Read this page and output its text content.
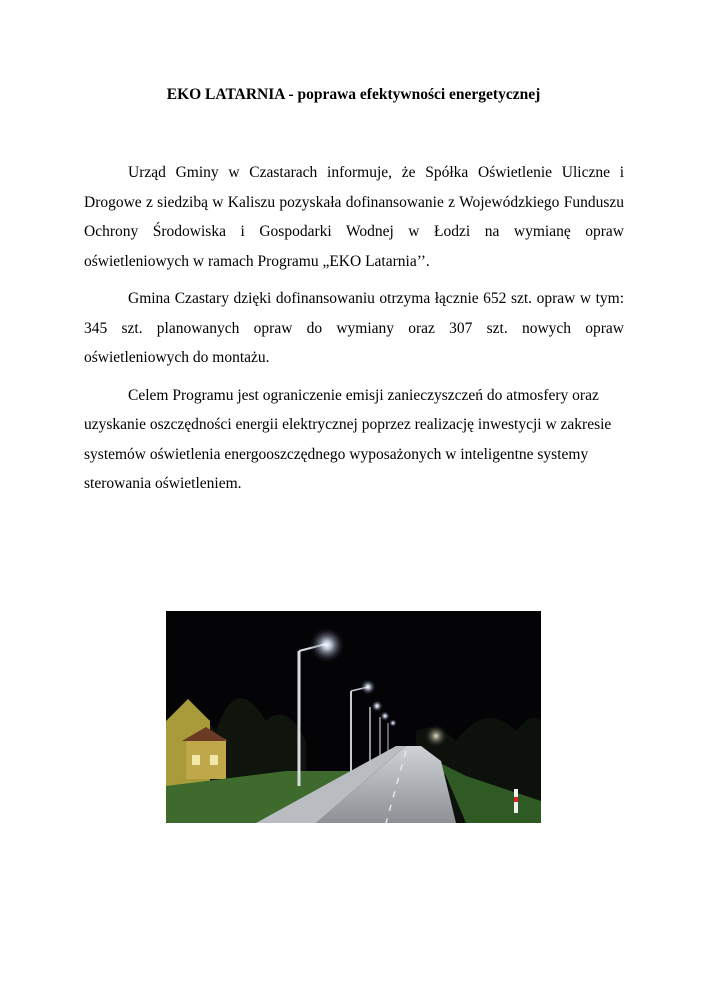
EKO LATARNIA - poprawa efektywności energetycznej

Urząd Gminy w Czastarach informuje, że Spółka Oświetlenie Uliczne i Drogowe z siedzibą w Kaliszu pozyskała dofinansowanie z Wojewódzkiego Funduszu Ochrony Środowiska i Gospodarki Wodnej w Łodzi na wymianę opraw oświetleniowych w ramach Programu „EKO Latarnia’’.

Gmina Czastary dzięki dofinansowaniu otrzyma łącznie 652 szt. opraw w tym: 345 szt. planowanych opraw do wymiany oraz 307 szt. nowych opraw oświetleniowych do montażu.

Celem Programu jest ograniczenie emisji zanieczyszczeń do atmosfery oraz uzyskanie oszczędności energii elektrycznej poprzez realizację inwestycji w zakresie systemów oświetlenia energooszczędnego wyposażonych w inteligentne systemy sterowania oświetleniem.
